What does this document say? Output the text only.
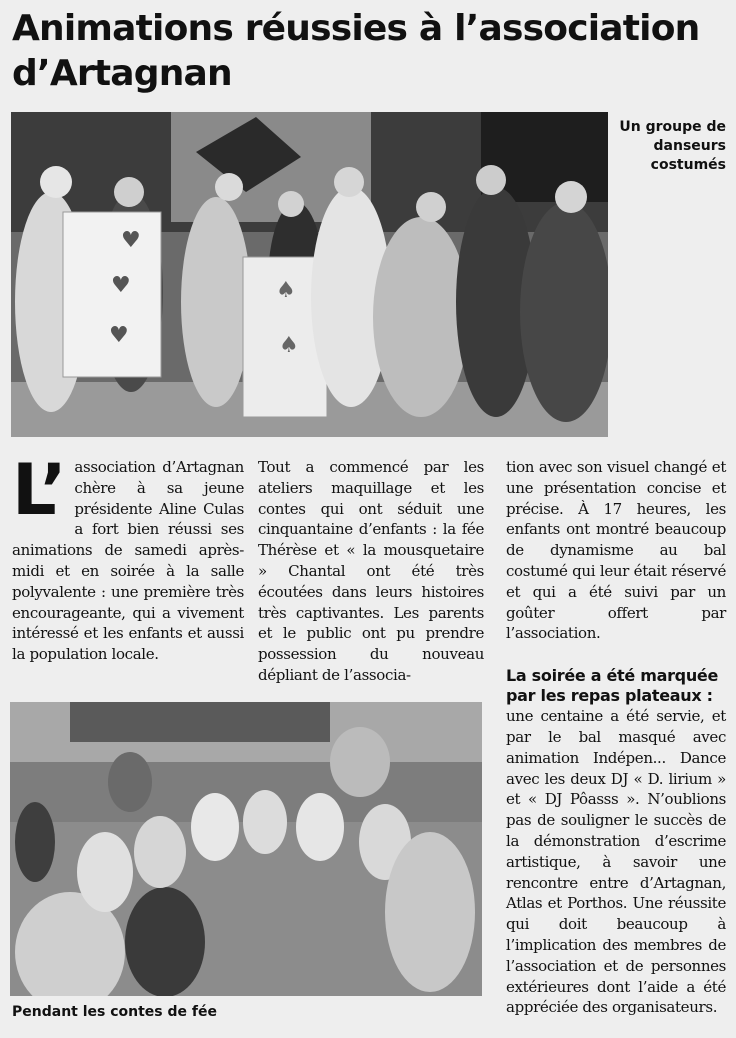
Animations réussies à l’association d’Artagnan
♥
♥
♥
♠
♠
Un groupe de danseurs costumés
L’ association d’Artagnan chère à sa jeune présidente Aline Culas a fort bien réussi ses animations de samedi après-midi et en soirée à la salle polyvalente : une première très encourageante, qui a vivement intéressé et les enfants et aussi la population locale.

Tout a commencé par les ateliers maquillage et les contes qui ont séduit une cinquantaine d’enfants : la fée Thérèse et « la mousquetaire » Chantal ont été très écoutées dans leurs histoires très captivantes. Les parents et le public ont pu prendre possession du nouveau dépliant de l’associa-

tion avec son visuel changé et une présentation concise et précise. À 17 heures, les enfants ont montré beaucoup de dynamisme au bal costumé qui leur était réservé et qui a été suivi par un goûter offert par l’association.

La soirée a été marquée par les repas plateaux :

une centaine a été servie, et par le bal masqué avec animation Indépen... Dance avec les deux DJ « D. lirium » et « DJ Pôasss ». N’oublions pas de souligner le succès de la démonstration d’escrime artistique, à savoir une rencontre entre d’Artagnan, Atlas et Porthos. Une réussite qui doit beaucoup à l’implication des membres de l’association et de personnes extérieures dont l’aide a été appréciée des organisateurs.

Pendant les contes de fée
